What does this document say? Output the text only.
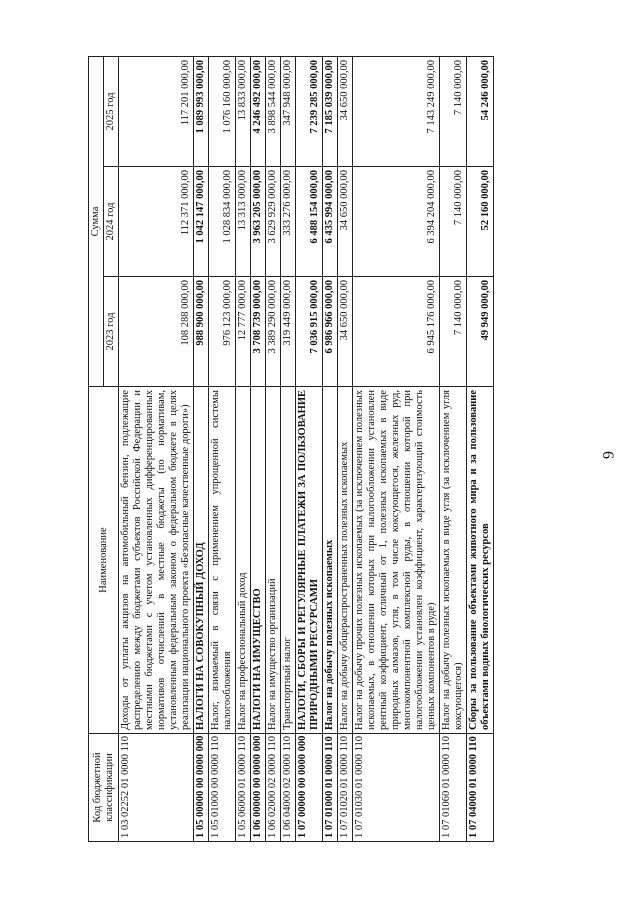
6
Код бюджетной классификации	Наименование	Сумма		
		2023 год	2024 год	2025 год
1 03 02252 01 0000 110	Доходы от уплаты акцизов на автомобильный бензин, подлежащие распределению между бюджетами субъектов Российской Федерации и местными бюджетами с учетом установленных дифференцированных нормативов отчислений в местные бюджеты (по нормативам, установленным федеральным законом о федеральном бюджете в целях реализации национального проекта «Безопасные качественные дороги»)	108 288 000,00	112 371 000,00	117 201 000,00
1 05 00000 00 0000 000	НАЛОГИ НА СОВОКУПНЫЙ ДОХОД	988 900 000,00	1 042 147 000,00	1 089 993 000,00
1 05 01000 00 0000 110	Налог, взимаемый в связи с применением упрощенной системы налогообложения	976 123 000,00	1 028 834 000,00	1 076 160 000,00
1 05 06000 01 0000 110	Налог на профессиональный доход	12 777 000,00	13 313 000,00	13 833 000,00
1 06 00000 00 0000 000	НАЛОГИ НА ИМУЩЕСТВО	3 708 739 000,00	3 963 205 000,00	4 246 492 000,00
1 06 02000 02 0000 110	Налог на имущество организаций	3 389 290 000,00	3 629 929 000,00	3 898 544 000,00
1 06 04000 02 0000 110	Транспортный налог	319 449 000,00	333 276 000,00	347 948 000,00
1 07 00000 00 0000 000	НАЛОГИ, СБОРЫ И РЕГУЛЯРНЫЕ ПЛАТЕЖИ ЗА ПОЛЬЗОВАНИЕ ПРИРОДНЫМИ РЕСУРСАМИ	7 036 915 000,00	6 488 154 000,00	7 239 285 000,00
1 07 01000 01 0000 110	Налог на добычу полезных ископаемых	6 986 966 000,00	6 435 994 000,00	7 185 039 000,00
1 07 01020 01 0000 110	Налог на добычу общераспространенных полезных ископаемых	34 650 000,00	34 650 000,00	34 650 000,00
1 07 01030 01 0000 110	Налог на добычу прочих полезных ископаемых (за исключением полезных ископаемых, в отношении которых при налогообложении установлен рентный коэффициент, отличный от 1, полезных ископаемых в виде природных алмазов, угля, в том числе коксующегося, железных руд, многокомпонентной комплексной руды, в отношении которой при налогообложении установлен коэффициент, характеризующий стоимость ценных компонентов в руде)	6 945 176 000,00	6 394 204 000,00	7 143 249 000,00
1 07 01060 01 0000 110	Налог на добычу полезных ископаемых в виде угля (за исключением угля коксующегося)	7 140 000,00	7 140 000,00	7 140 000,00
1 07 04000 01 0000 110	Сборы за пользование объектами животного мира и за пользование объектами водных биологических ресурсов	49 949 000,00	52 160 000,00	54 246 000,00
